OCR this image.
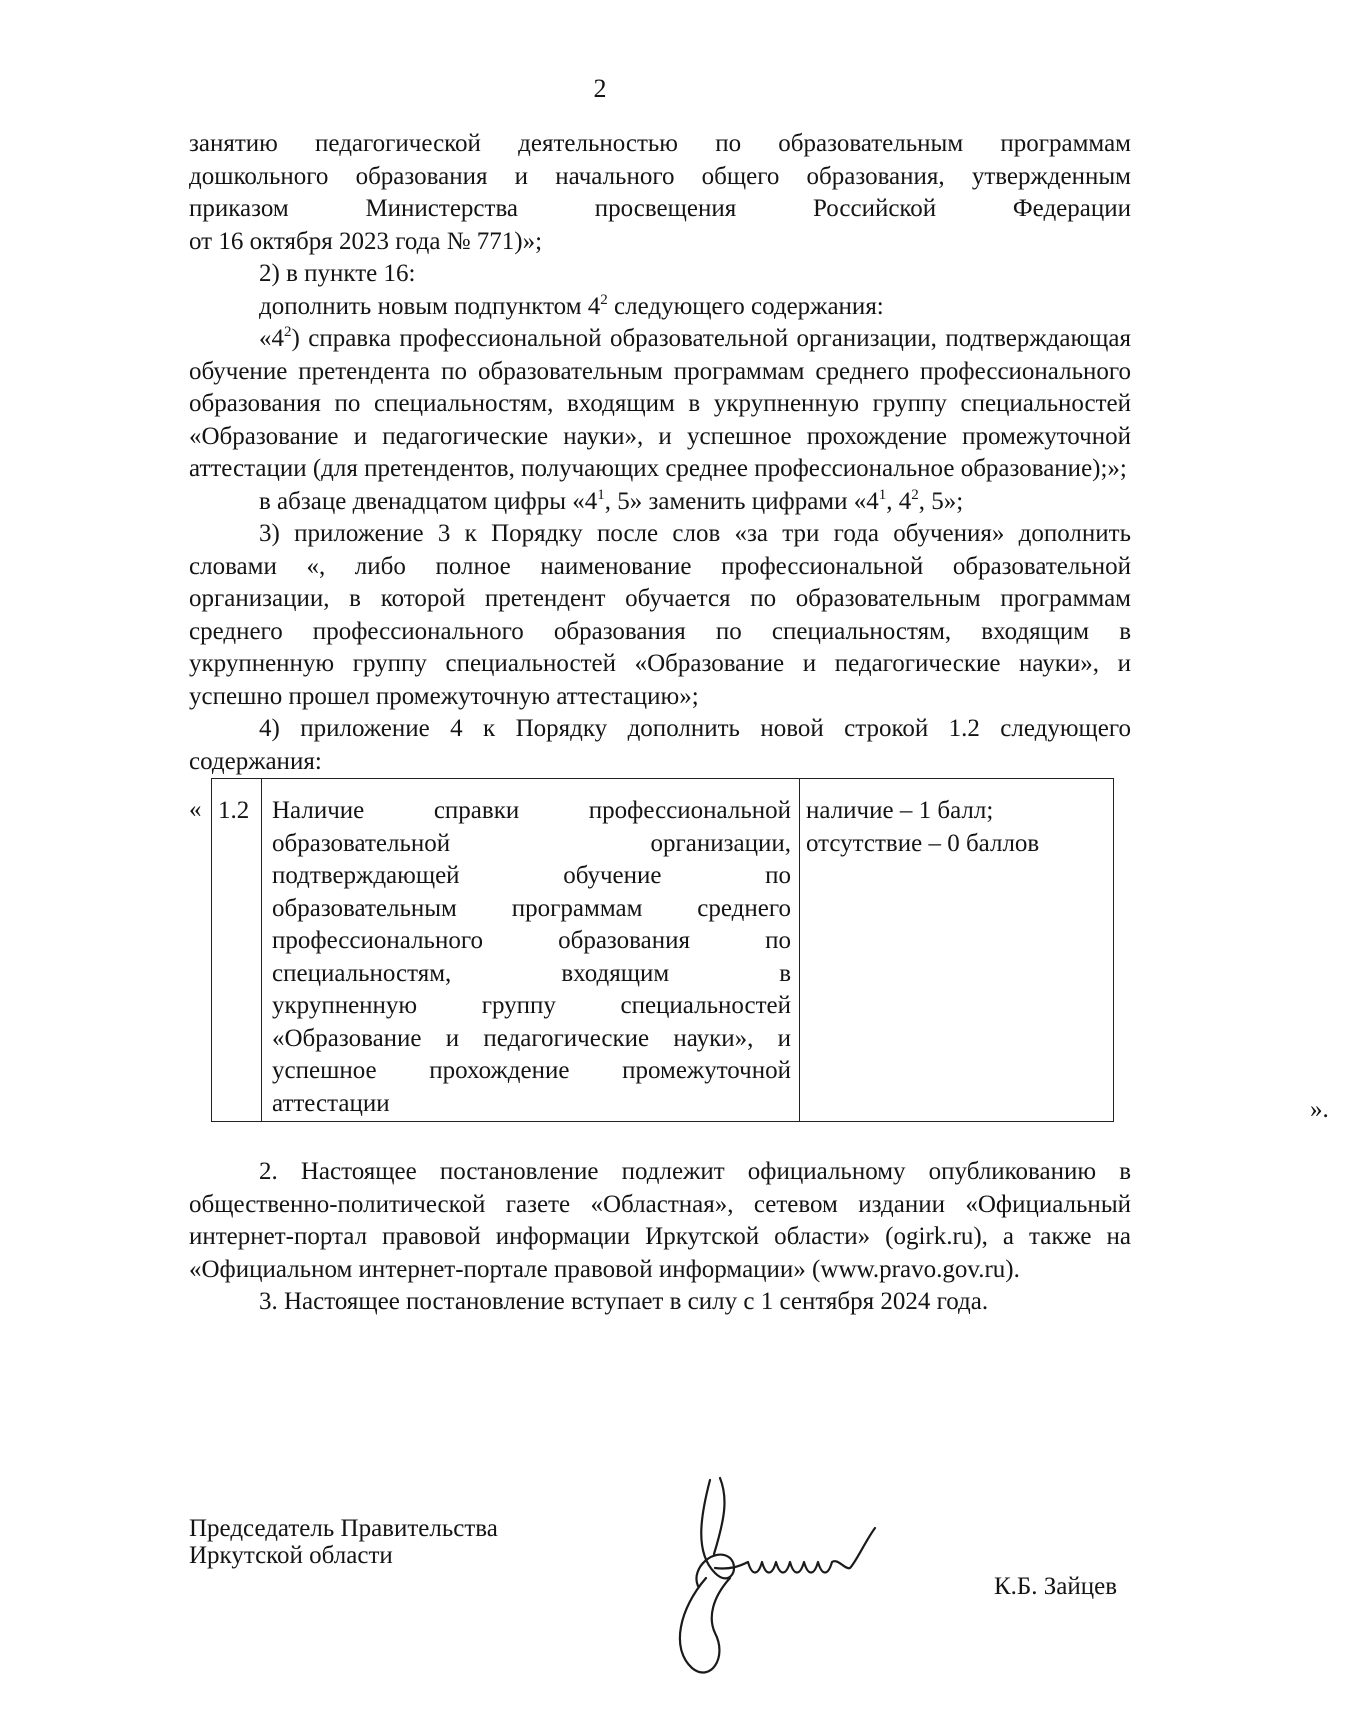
2

занятию педагогической деятельностью по образовательным программам

дошкольного образования и начального общего образования, утвержденным

приказом Министерства просвещения Российской Федерации

от 16 октября 2023 года № 771)»;

2) в пункте 16:

дополнить новым подпунктом $4^2$ следующего содержания:

«$4^2$) справка профессиональной образовательной организации, подтверждающая обучение претендента по образовательным программам среднего профессионального образования по специальностям, входящим в укрупненную группу специальностей «Образование и педагогические науки», и успешное прохождение промежуточной аттестации (для претендентов, получающих среднее профессиональное образование);»;

в абзаце двенадцатом цифры «$4^1$, 5» заменить цифрами «$4^1$, $4^2$, 5»;

3) приложение 3 к Порядку после слов «за три года обучения» дополнить словами «, либо полное наименование профессиональной образовательной организации, в которой претендент обучается по образовательным программам среднего профессионального образования по специальностям, входящим в укрупненную группу специальностей «Образование и педагогические науки», и успешно прошел промежуточную аттестацию»;

4) приложение 4 к Порядку дополнить новой строкой 1.2 следующего содержания:

« 1.2 Наличие справки профессиональной

образовательной организации,

подтверждающей обучение по

образовательным программам среднего

профессионального образования по

специальностям, входящим в

укрупненную группу специальностей

«Образование и педагогические науки», и

успешное прохождение промежуточной

аттестации

наличие – 1 балл;
отсутствие – 0 баллов
».

2. Настоящее постановление подлежит официальному опубликованию в общественно-политической газете «Областная», сетевом издании «Официальный интернет-портал правовой информации Иркутской области» (ogirk.ru), а также на «Официальном интернет-портале правовой информации» (www.pravo.gov.ru).

3. Настоящее постановление вступает в силу с 1 сентября 2024 года.

Председатель Правительства
Иркутской области
К.Б. Зайцев
